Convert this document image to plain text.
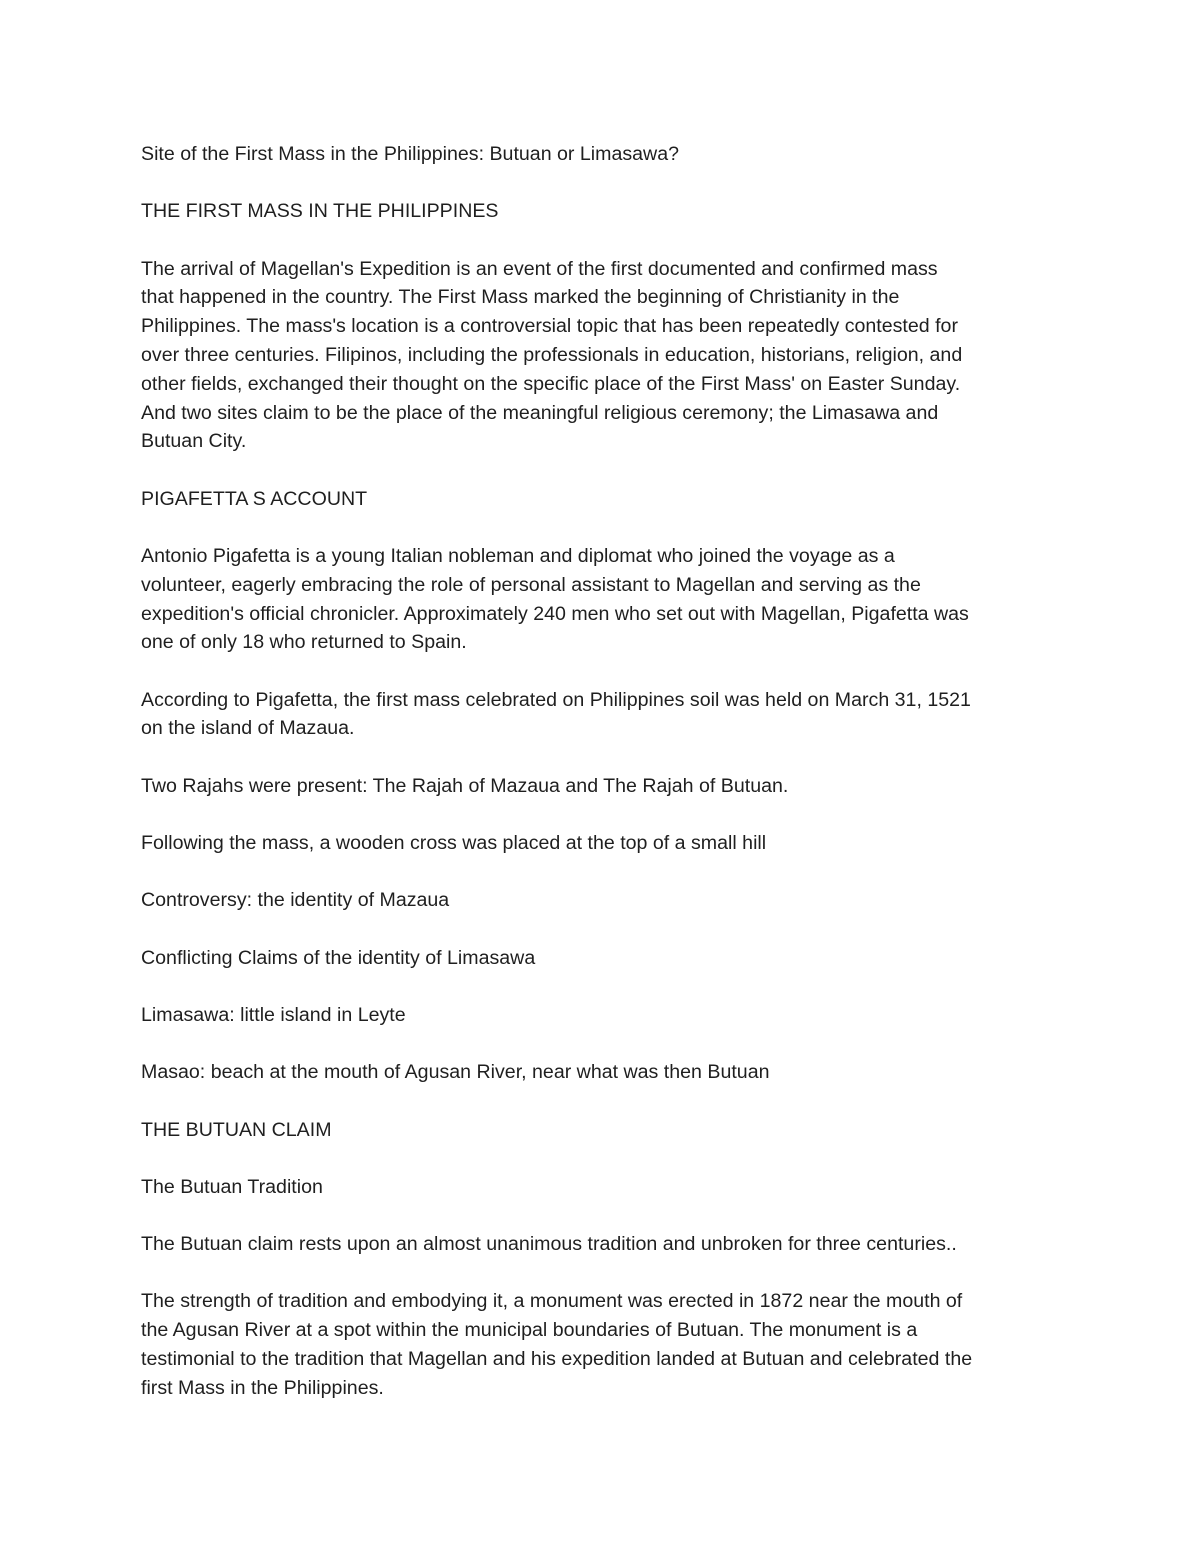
Site of the First Mass in the Philippines: Butuan or Limasawa?

THE FIRST MASS IN THE PHILIPPINES

The arrival of Magellan's Expedition is an event of the first documented and confirmed mass
that happened in the country. The First Mass marked the beginning of Christianity in the
Philippines. The mass's location is a controversial topic that has been repeatedly contested for
over three centuries. Filipinos, including the professionals in education, historians, religion, and
other fields, exchanged their thought on the specific place of the First Mass' on Easter Sunday.
And two sites claim to be the place of the meaningful religious ceremony; the Limasawa and
Butuan City.

PIGAFETTA S ACCOUNT

Antonio Pigafetta is a young Italian nobleman and diplomat who joined the voyage as a
volunteer, eagerly embracing the role of personal assistant to Magellan and serving as the
expedition's official chronicler. Approximately 240 men who set out with Magellan, Pigafetta was
one of only 18 who returned to Spain.

According to Pigafetta, the first mass celebrated on Philippines soil was held on March 31, 1521
on the island of Mazaua.

Two Rajahs were present: The Rajah of Mazaua and The Rajah of Butuan.

Following the mass, a wooden cross was placed at the top of a small hill

Controversy: the identity of Mazaua

Conflicting Claims of the identity of Limasawa

Limasawa: little island in Leyte

Masao: beach at the mouth of Agusan River, near what was then Butuan

THE BUTUAN CLAIM

The Butuan Tradition

The Butuan claim rests upon an almost unanimous tradition and unbroken for three centuries..

The strength of tradition and embodying it, a monument was erected in 1872 near the mouth of
the Agusan River at a spot within the municipal boundaries of Butuan. The monument is a
testimonial to the tradition that Magellan and his expedition landed at Butuan and celebrated the
first Mass in the Philippines.
